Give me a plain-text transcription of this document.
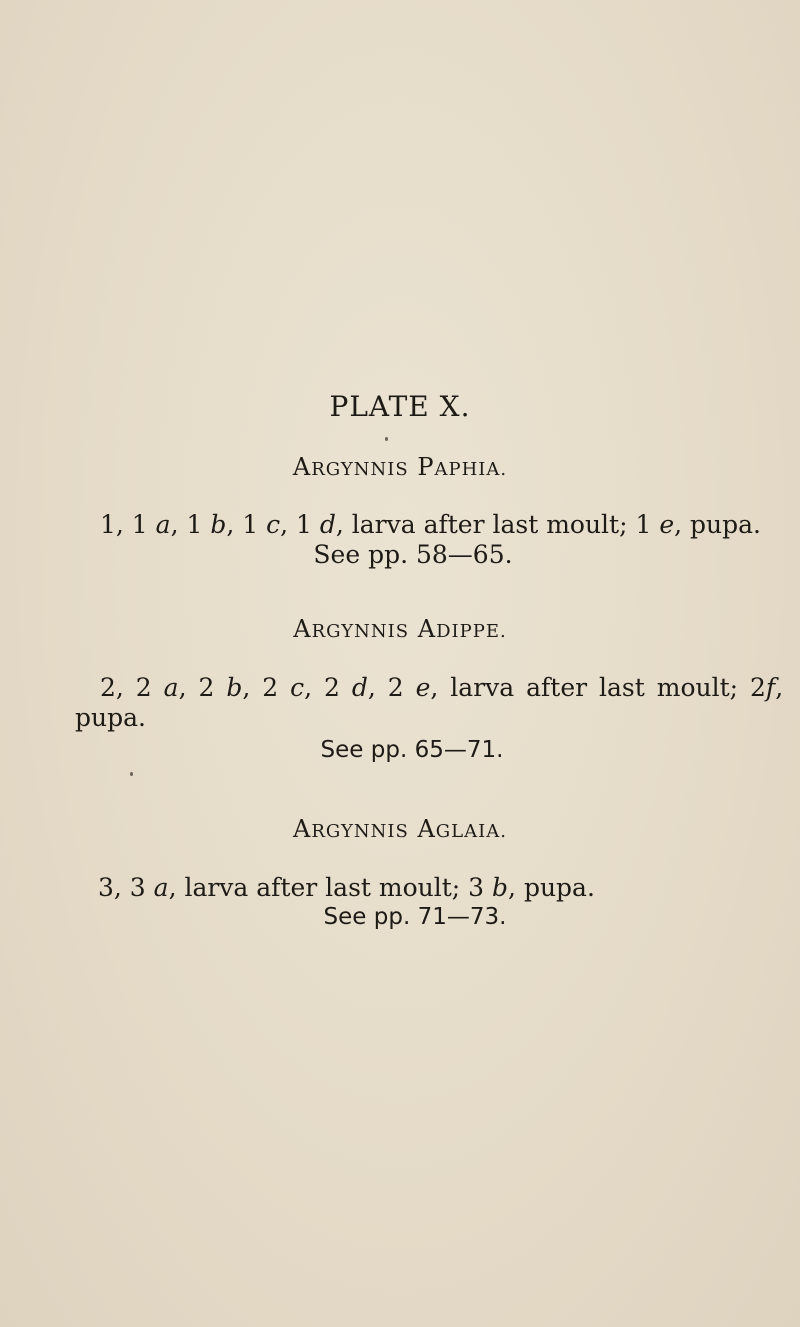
PLATE X.
ARGYNNIS PAPHIA.
1, 1 a, 1 b, 1 c, 1 d, larva after last moult; 1 e, pupa.
See pp. 58—65.
ARGYNNIS ADIPPE.
2, 2 a, 2 b, 2 c, 2 d, 2 e, larva after last moult; 2f,
pupa.
See pp. 65—71.
ARGYNNIS AGLAIA.
3, 3 a, larva after last moult; 3 b, pupa.
See pp. 71—73.
